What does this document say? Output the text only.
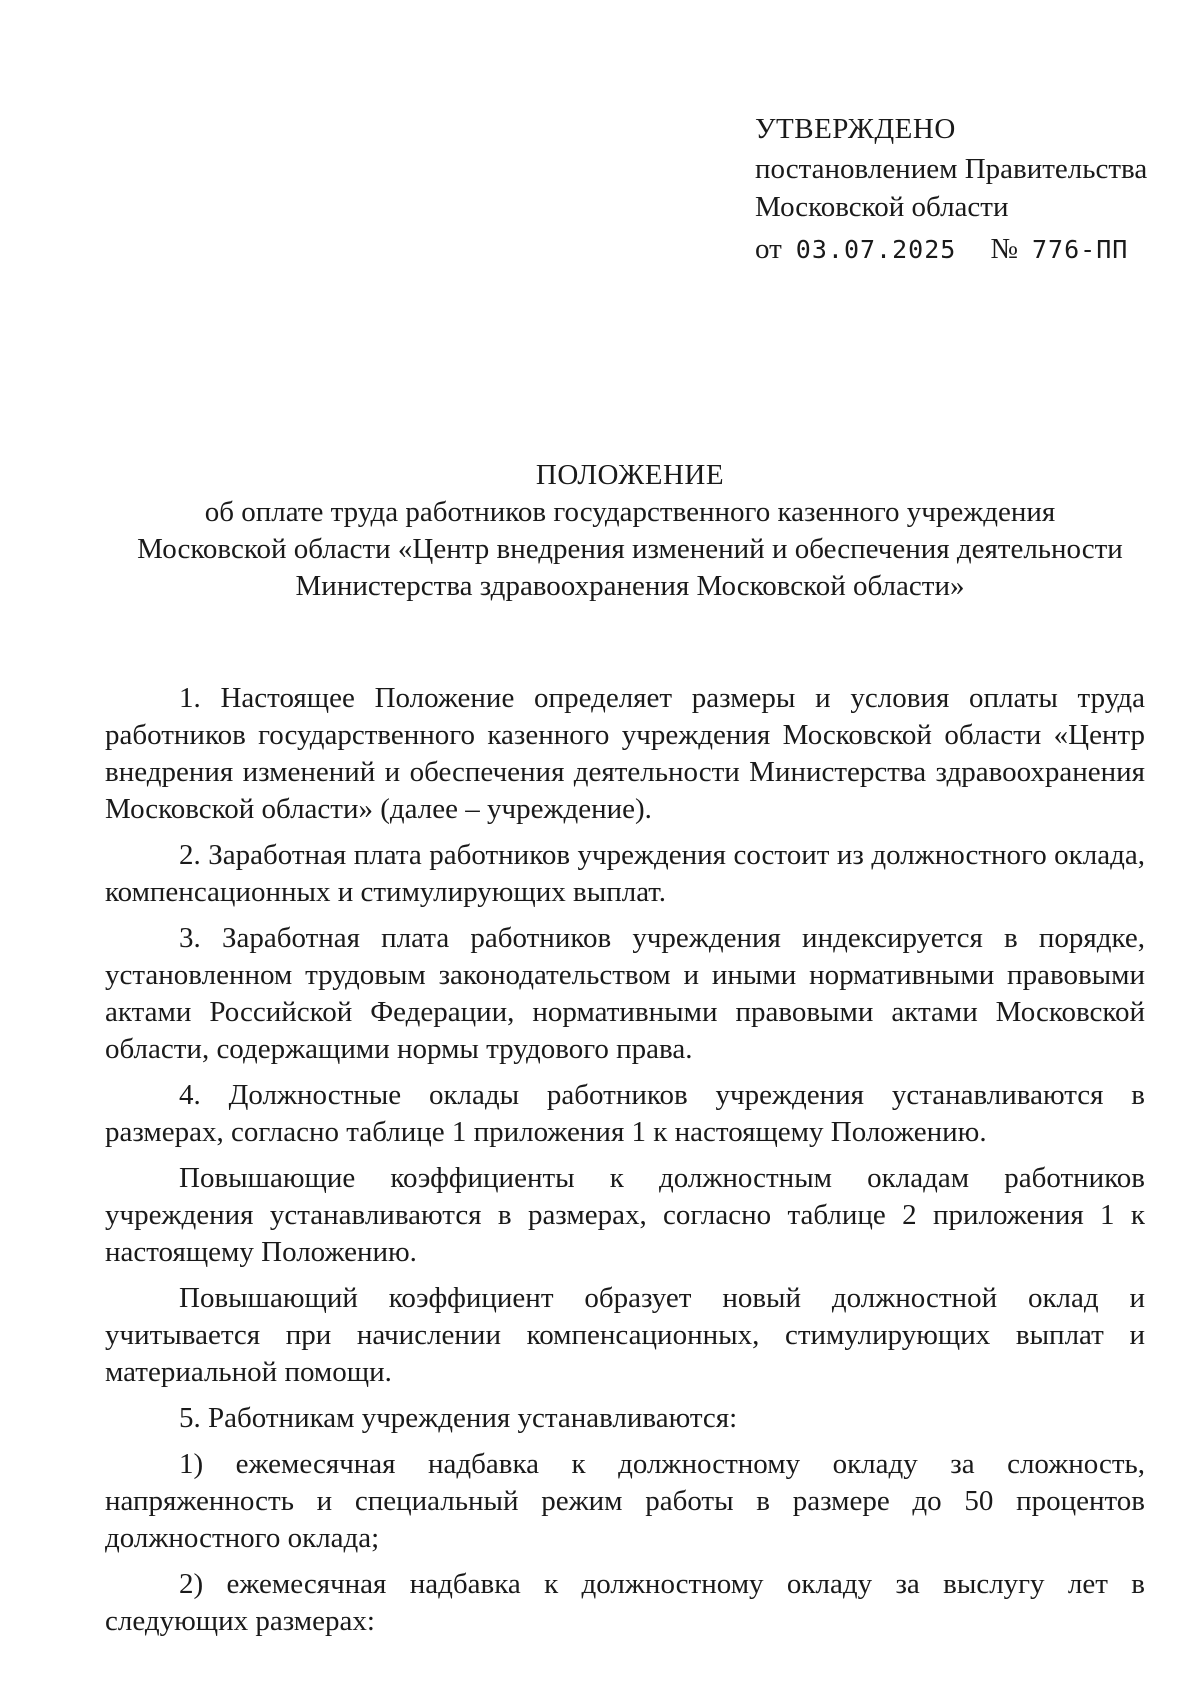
УТВЕРЖДЕНО
постановлением Правительства
Московской области
от 03.07.2025 № 776-ПП
ПОЛОЖЕНИЕ
об оплате труда работников государственного казенного учреждения Московской области «Центр внедрения изменений и обеспечения деятельности Министерства здравоохранения Московской области»

1. Настоящее Положение определяет размеры и условия оплаты труда работников государственного казенного учреждения Московской области «Центр внедрения изменений и обеспечения деятельности Министерства здравоохранения Московской области» (далее – учреждение).

2. Заработная плата работников учреждения состоит из должностного оклада, компенсационных и стимулирующих выплат.

3. Заработная плата работников учреждения индексируется в порядке, установленном трудовым законодательством и иными нормативными правовыми актами Российской Федерации, нормативными правовыми актами Московской области, содержащими нормы трудового права.

4. Должностные оклады работников учреждения устанавливаются в размерах, согласно таблице 1 приложения 1 к настоящему Положению.

Повышающие коэффициенты к должностным окладам работников учреждения устанавливаются в размерах, согласно таблице 2 приложения 1 к настоящему Положению.

Повышающий коэффициент образует новый должностной оклад и учитывается при начислении компенсационных, стимулирующих выплат и материальной помощи.

5. Работникам учреждения устанавливаются:

1) ежемесячная надбавка к должностному окладу за сложность, напряженность и специальный режим работы в размере до 50 процентов должностного оклада;

2) ежемесячная надбавка к должностному окладу за выслугу лет в следующих размерах:
